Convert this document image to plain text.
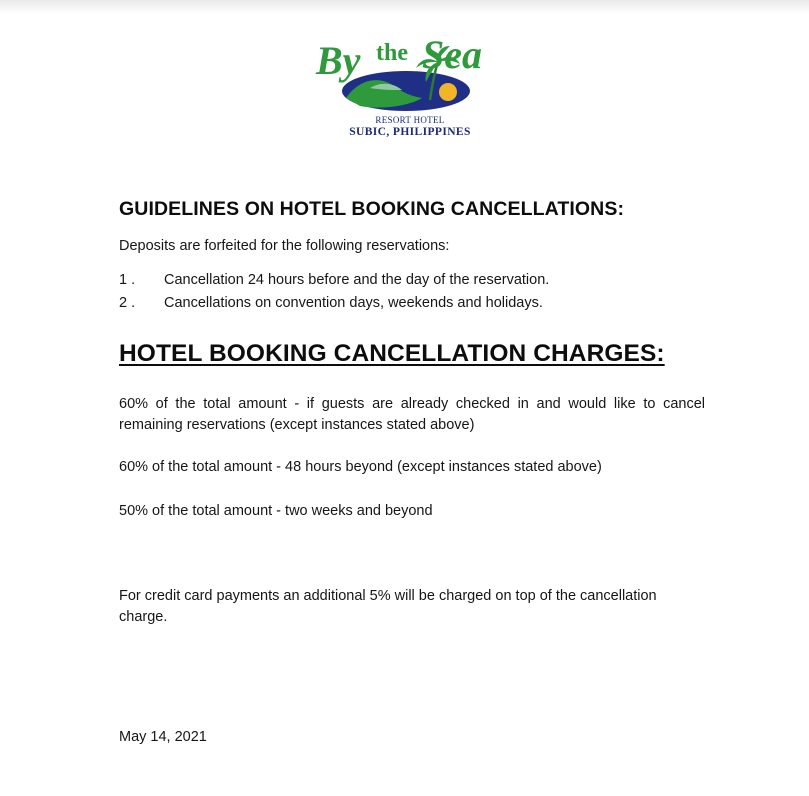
By the Sea
RESORT HOTEL
SUBIC, PHILIPPINES
GUIDELINES ON HOTEL BOOKING CANCELLATIONS:
Deposits are forfeited for the following reservations:
1 .	Cancellation 24 hours before and the day of the reservation.
2 .	Cancellations on convention days, weekends and holidays.
HOTEL BOOKING CANCELLATION CHARGES:
60% of the total amount - if guests are already checked in and would like to cancel remaining reservations (except instances stated above)
60% of the total amount - 48 hours beyond (except instances stated above)
50% of the total amount - two weeks and beyond
For credit card payments an additional 5% will be charged on top of the cancellation charge.
May 14, 2021
